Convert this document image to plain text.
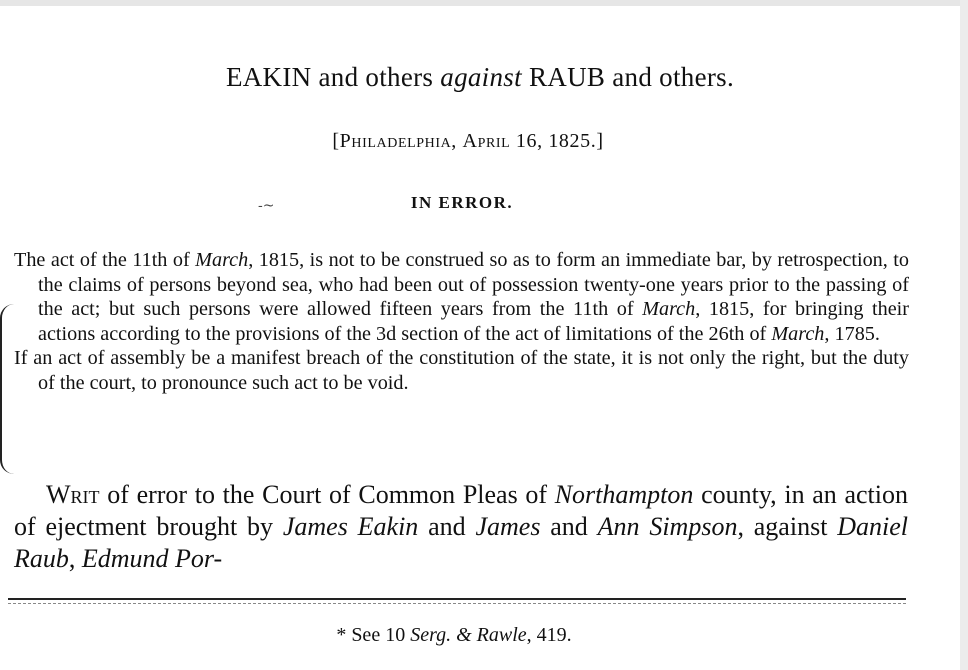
EAKIN and others against RAUB and others.
[Philadelphia, April 16, 1825.]
-~	IN ERROR.

The act of the 11th of March, 1815, is not to be construed so as to form an immediate bar, by retrospection, to the claims of persons beyond sea, who had been out of possession twenty-one years prior to the passing of the act; but such persons were allowed fifteen years from the 11th of March, 1815, for bringing their actions according to the provisions of the 3d section of the act of limitations of the 26th of March, 1785.

If an act of assembly be a manifest breach of the constitution of the state, it is not only the right, but the duty of the court, to pronounce such act to be void.

Writ of error to the Court of Common Pleas of Northampton county, in an action of ejectment brought by James Eakin and James and Ann Simpson, against Daniel Raub, Edmund Por-

* See 10 Serg. & Rawle, 419.
